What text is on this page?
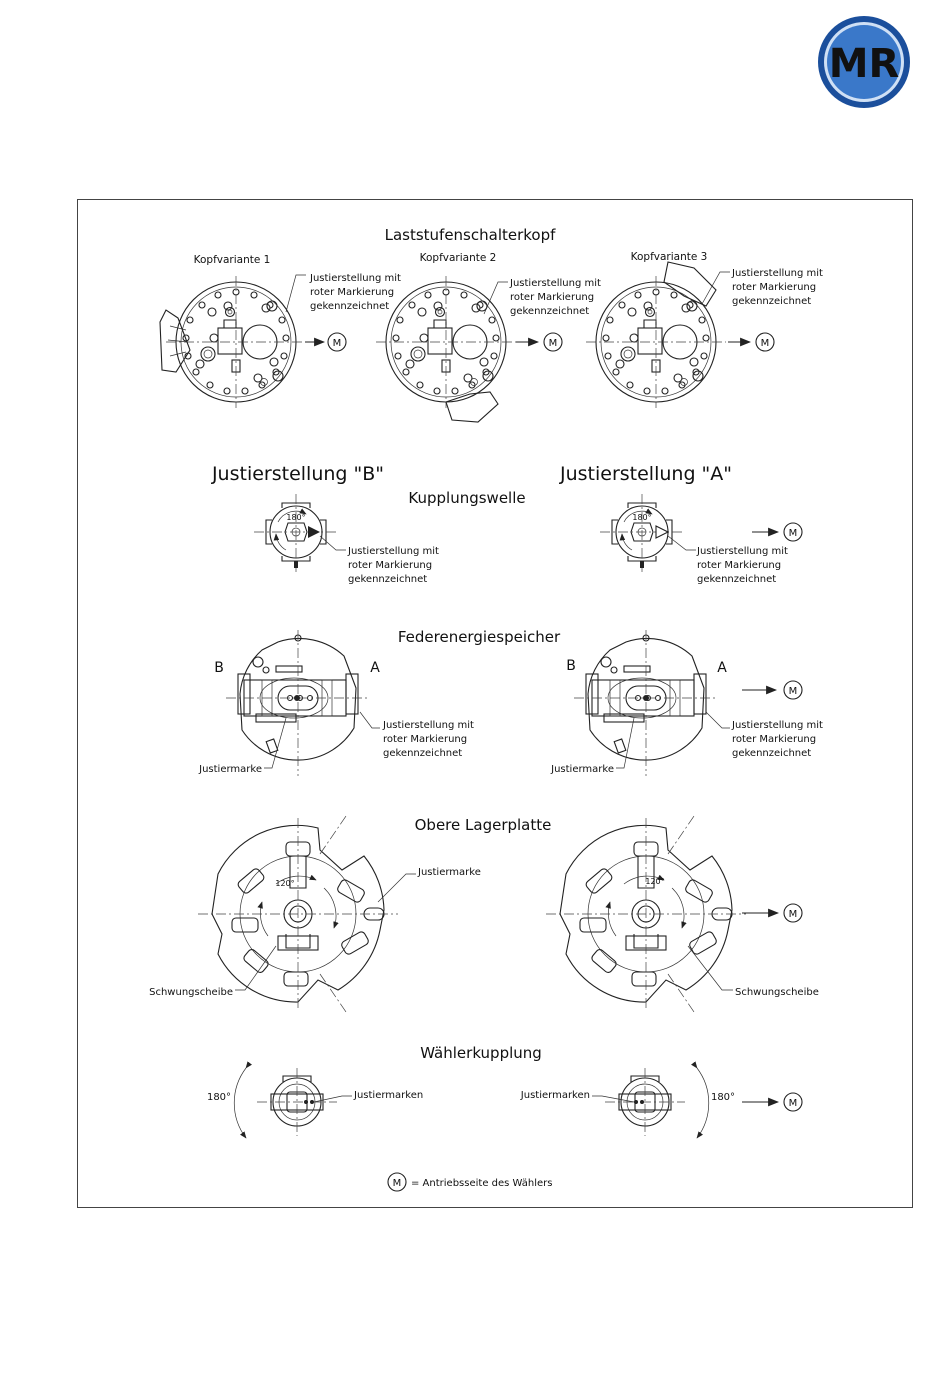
MR
Laststufenschalterkopf
Kopfvariante 1	Kopfvariante 2	Kopfvariante 3
Justierstellung mit
roter Markierung
gekennzeichnet
Justierstellung mit
roter Markierung
gekennzeichnet
Justierstellung mit
roter Markierung
gekennzeichnet
M	M	M
Justierstellung "B"	Justierstellung "A"
Kupplungswelle
180°	180°
Justierstellung mit
roter Markierung
gekennzeichnet
Justierstellung mit
roter Markierung
gekennzeichnet
M
Federenergiespeicher
B	A	B	A
Justierstellung mit
roter Markierung
gekennzeichnet
Justierstellung mit
roter Markierung
gekennzeichnet
Justiermarke	Justiermarke
M
Obere Lagerplatte
120°	120°
Justiermarke
Schwungscheibe	Schwungscheibe
M
Wählerkupplung
180°	180°
Justiermarken	Justiermarken
M
M = Antriebsseite des Wählers
